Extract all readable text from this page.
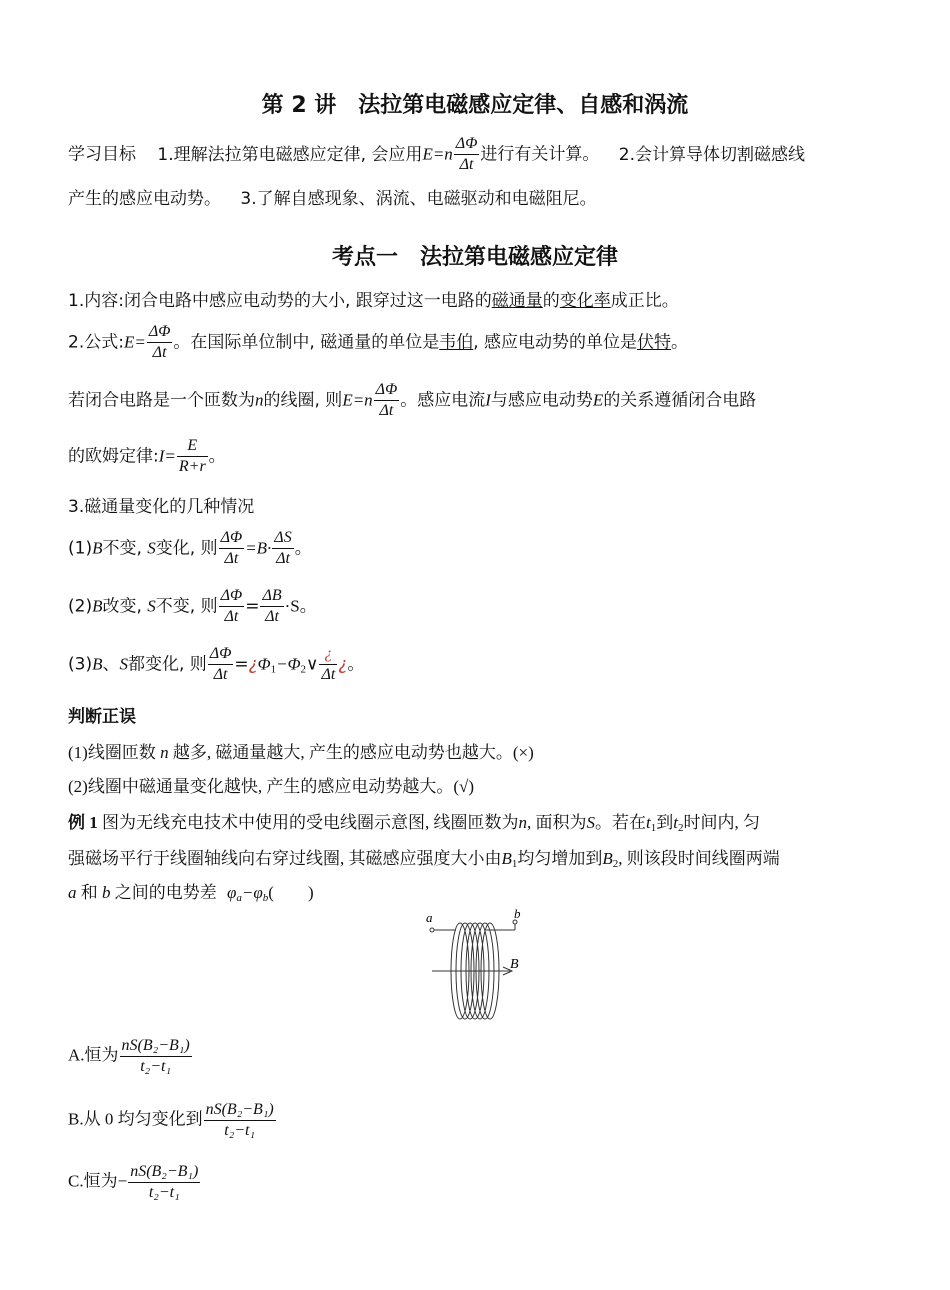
第 2 讲　法拉第电磁感应定律、自感和涡流
学习目标 1.理解法拉第电磁感应定律, 会应用$E=n \frac{\Delta\Phi}{\Delta t}$ 进行有关计算。 2.会计算导体切割磁感线
产生的感应电动势。 3.了解自感现象、涡流、电磁驱动和电磁阻尼。
考点一　法拉第电磁感应定律
1.内容:闭合电路中感应电动势的大小, 跟穿过这一电路的磁通量的变化率成正比。
2.公式:E= $\frac{\Delta\Phi}{\Delta t}$ 。在国际单位制中, 磁通量的单位是韦伯, 感应电动势的单位是伏特。
若闭合电路是一个匝数为n的线圈, 则$E=n \frac{\Delta\Phi}{\Delta t}$ 。感应电流I与感应电动势E的关系遵循闭合电路
的欧姆定律:I= $\frac{E}{R+r}$ 。
3.磁通量变化的几种情况
(1)B不变, S变化, 则 $\frac{\Delta\Phi}{\Delta t} =B\cdot \frac{\Delta S}{\Delta t}$ 。
(2)B改变, S不变, 则 $\frac{\Delta\Phi}{\Delta t} = \frac{\Delta B}{\Delta t} \cdot S$。
(3)B、S都变化, 则 $\frac{\Delta\Phi}{\Delta t}$ $=¿\Phi_1-\Phi_2\vee \frac{¿}{\Delta t}$ ¿。
判断正误
(1)线圈匝数 n 越多, 磁通量越大, 产生的感应电动势也越大。(×)
(2)线圈中磁通量变化越快, 产生的感应电动势越大。(√)
例 1 图为无线充电技术中使用的受电线圈示意图, 线圈匝数为n, 面积为S。若在$t_1$到$t_2$时间内, 匀
强磁场平行于线圈轴线向右穿过线圈, 其磁感应强度大小由$B_1$均匀增加到$B_2$, 则该段时间线圈两端
a 和 b 之间的电势差 $\varphi_a-\varphi_b$(　　)
a	b
B
A.恒为 $\frac{\text{nS(B₂−B₁)}}{\text{t₂−t₁}}$
B.从 0 均匀变化到 $\frac{\text{nS(B₂−B₁)}}{\text{t₂−t₁}}$
C.恒为− $\frac{\text{nS(B₂−B₁)}}{\text{t₂−t₁}}$
